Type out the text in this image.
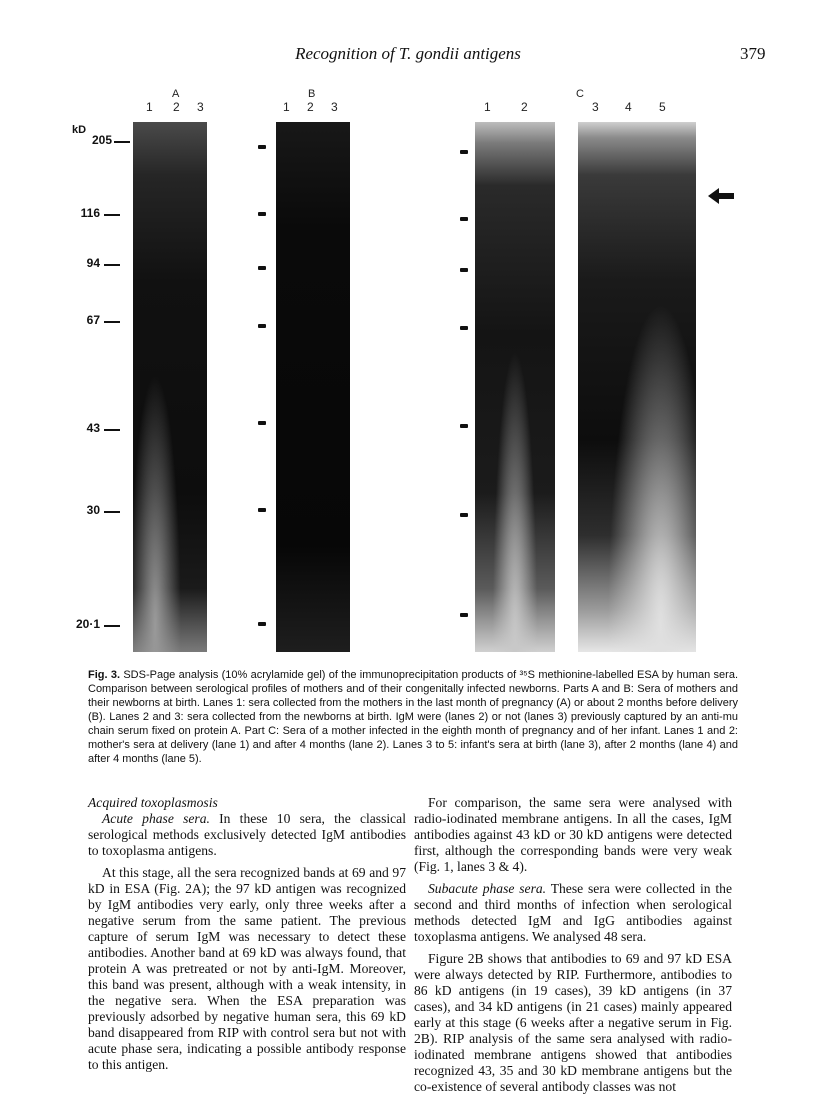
Recognition of T. gondii antigens	379
A	B	C
1 2 3	1 2 3	1	2	3 4 5
kD
205
116
94
67
43
30
20·1
Fig. 3. SDS-Page analysis (10% acrylamide gel) of the immunoprecipitation products of ³⁵S methionine-labelled ESA by human sera. Comparison between serological profiles of mothers and of their congenitally infected newborns. Parts A and B: Sera of mothers and their newborns at birth. Lanes 1: sera collected from the mothers in the last month of pregnancy (A) or about 2 months before delivery (B). Lanes 2 and 3: sera collected from the newborns at birth. IgM were (lanes 2) or not (lanes 3) previously captured by an anti-mu chain serum fixed on protein A. Part C: Sera of a mother infected in the eighth month of pregnancy and of her infant. Lanes 1 and 2: mother's sera at delivery (lane 1) and after 4 months (lane 2). Lanes 3 to 5: infant's sera at birth (lane 3), after 2 months (lane 4) and after 4 months (lane 5).

Acquired toxoplasmosis

Acute phase sera. In these 10 sera, the classical serological methods exclusively detected IgM antibodies to toxoplasma antigens.

At this stage, all the sera recognized bands at 69 and 97 kD in ESA (Fig. 2A); the 97 kD antigen was recognized by IgM antibodies very early, only three weeks after a negative serum from the same patient. The previous capture of serum IgM was necessary to detect these antibodies. Another band at 69 kD was always found, that protein A was pretreated or not by anti-IgM. Moreover, this band was present, although with a weak intensity, in the negative sera. When the ESA preparation was previously adsorbed by negative human sera, this 69 kD band disappeared from RIP with control sera but not with acute phase sera, indicating a possible antibody response to this antigen.

For comparison, the same sera were analysed with radio-iodinated membrane antigens. In all the cases, IgM antibodies against 43 kD or 30 kD antigens were detected first, although the corresponding bands were very weak (Fig. 1, lanes 3 & 4).

Subacute phase sera. These sera were collected in the second and third months of infection when serological methods detected IgM and IgG antibodies against toxoplasma antigens. We analysed 48 sera.

Figure 2B shows that antibodies to 69 and 97 kD ESA were always detected by RIP. Furthermore, antibodies to 86 kD antigens (in 19 cases), 39 kD antigens (in 37 cases), and 34 kD antigens (in 21 cases) mainly appeared early at this stage (6 weeks after a negative serum in Fig. 2B). RIP analysis of the same sera analysed with radio-iodinated membrane antigens showed that antibodies recognized 43, 35 and 30 kD membrane antigens but the co-existence of several antibody classes was not
